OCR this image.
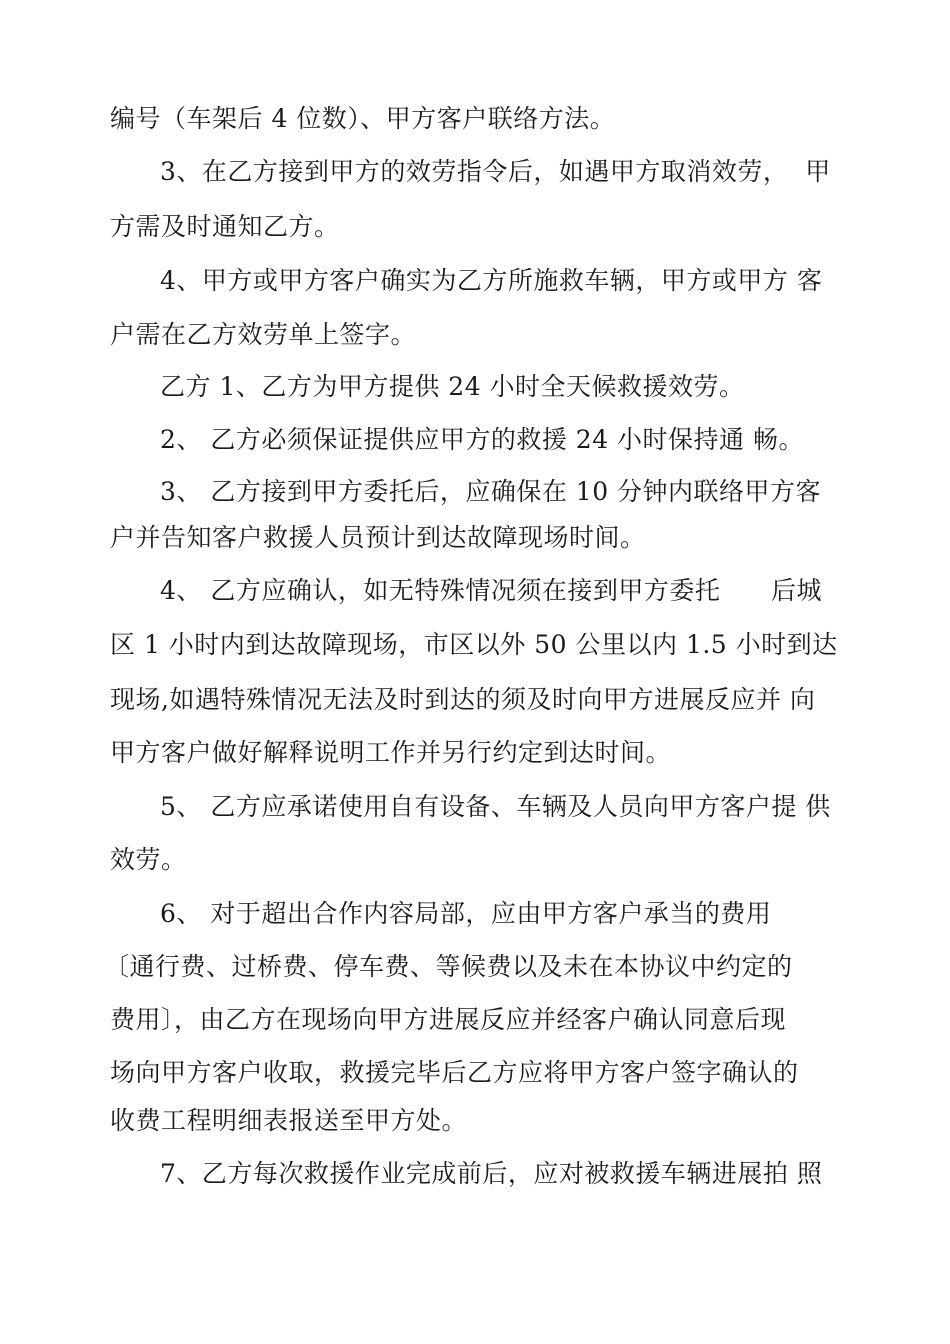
编号（车架后 4 位数）、甲方客户联络方法。
3、在乙方接到甲方的效劳指令后，如遇甲方取消效劳，  甲
方需及时通知乙方。
4、甲方或甲方客户确实为乙方所施救车辆，甲方或甲方 客
户需在乙方效劳单上签字。
乙方 1、乙方为甲方提供 24 小时全天候救援效劳。
2、 乙方必须保证提供应甲方的救援 24 小时保持通 畅。
3、 乙方接到甲方委托后，应确保在 10 分钟内联络甲方客
户并告知客户救援人员预计到达故障现场时间。
4、 乙方应确认，如无特殊情况须在接到甲方委托      后城
区 1 小时内到达故障现场，市区以外 50 公里以内 1.5 小时到达
现场,如遇特殊情况无法及时到达的须及时向甲方进展反应并 向
甲方客户做好解释说明工作并另行约定到达时间。
5、 乙方应承诺使用自有设备、车辆及人员向甲方客户提 供
效劳。
6、 对于超出合作内容局部，应由甲方客户承当的费用
〔通行费、过桥费、停车费、等候费以及未在本协议中约定的
费用〕，由乙方在现场向甲方进展反应并经客户确认同意后现
场向甲方客户收取，救援完毕后乙方应将甲方客户签字确认的
收费工程明细表报送至甲方处。
7、乙方每次救援作业完成前后，应对被救援车辆进展拍 照
